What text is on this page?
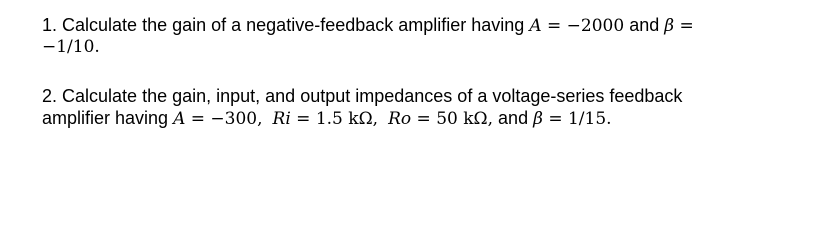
1. Calculate the gain of a negative-feedback amplifier having A = −2000 and β =
−1/10.
2. Calculate the gain, input, and output impedances of a voltage-series feedback
amplifier having A = −300, Ri = 1.5 kΩ, Ro = 50 kΩ, and β = 1/15.
